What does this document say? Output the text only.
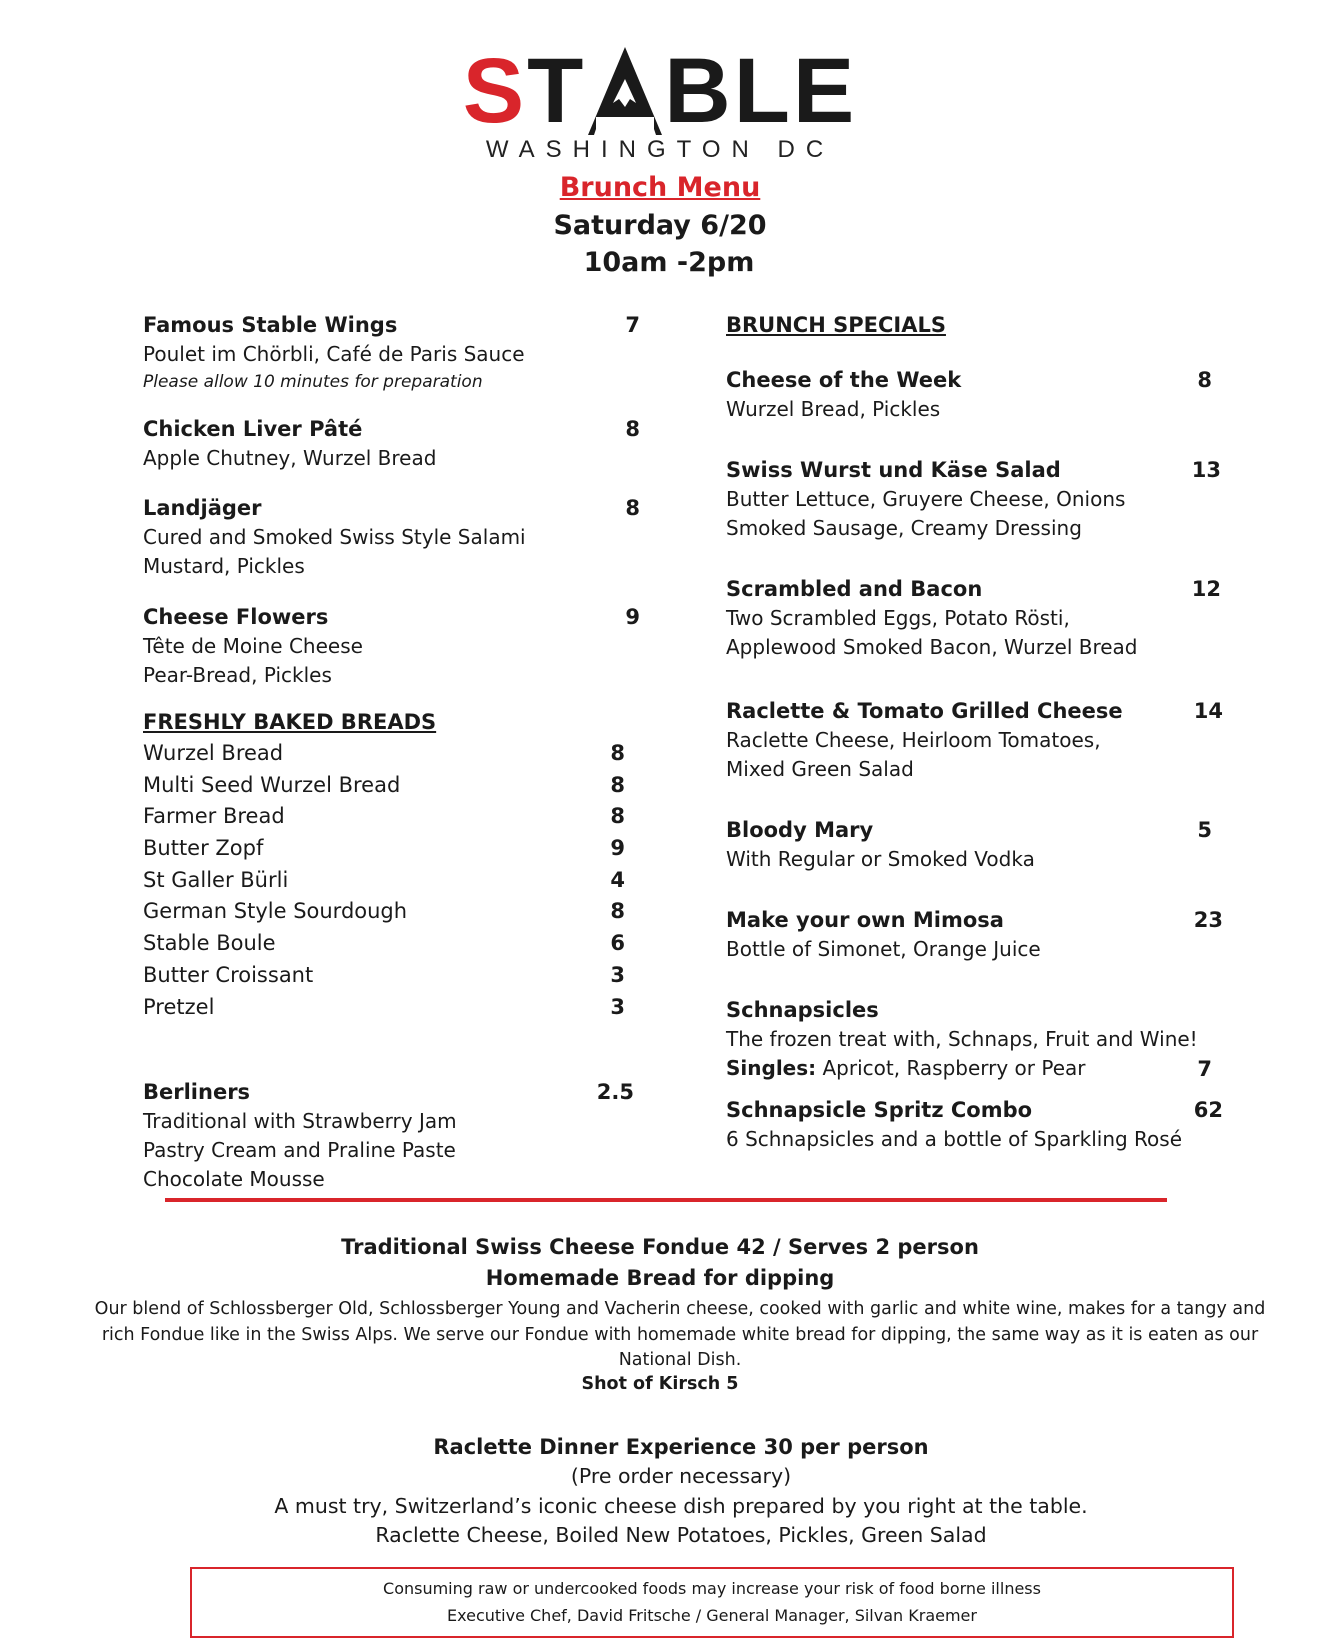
ST BLE
WASHINGTON DC
Brunch Menu
Saturday 6/20
10am -2pm
Famous Stable Wings	7
Poulet im Chörbli, Café de Paris Sauce
Please allow 10 minutes for preparation
Chicken Liver Pâté	8
Apple Chutney, Wurzel Bread
Landjäger	8
Cured and Smoked Swiss Style Salami
Mustard, Pickles
Cheese Flowers	9
Tête de Moine Cheese
Pear-Bread, Pickles
FRESHLY BAKED BREADS
Wurzel Bread	8
Multi Seed Wurzel Bread	8
Farmer Bread	8
Butter Zopf	9
St Galler Bürli	4
German Style Sourdough	8
Stable Boule	6
Butter Croissant	3
Pretzel	3
Berliners	2.5
Traditional with Strawberry Jam
Pastry Cream and Praline Paste
Chocolate Mousse
BRUNCH SPECIALS
Cheese of the Week	8
Wurzel Bread, Pickles
Swiss Wurst und Käse Salad	13
Butter Lettuce, Gruyere Cheese, Onions
Smoked Sausage, Creamy Dressing
Scrambled and Bacon	12
Two Scrambled Eggs, Potato Rösti,
Applewood Smoked Bacon, Wurzel Bread
Raclette & Tomato Grilled Cheese	14
Raclette Cheese, Heirloom Tomatoes,
Mixed Green Salad
Bloody Mary	5
With Regular or Smoked Vodka
Make your own Mimosa	23
Bottle of Simonet, Orange Juice
Schnapsicles
The frozen treat with, Schnaps, Fruit and Wine!
Singles: Apricot, Raspberry or Pear	7
Schnapsicle Spritz Combo	62
6 Schnapsicles and a bottle of Sparkling Rosé
Traditional Swiss Cheese Fondue 42 / Serves 2 person
Homemade Bread for dipping
Our blend of Schlossberger Old, Schlossberger Young and Vacherin cheese, cooked with garlic and white wine, makes for a tangy and rich Fondue like in the Swiss Alps. We serve our Fondue with homemade white bread for dipping, the same way as it is eaten as our National Dish.
Shot of Kirsch 5
Raclette Dinner Experience 30 per person
(Pre order necessary)
A must try, Switzerland’s iconic cheese dish prepared by you right at the table.
Raclette Cheese, Boiled New Potatoes, Pickles, Green Salad
Consuming raw or undercooked foods may increase your risk of food borne illness
Executive Chef, David Fritsche / General Manager, Silvan Kraemer
